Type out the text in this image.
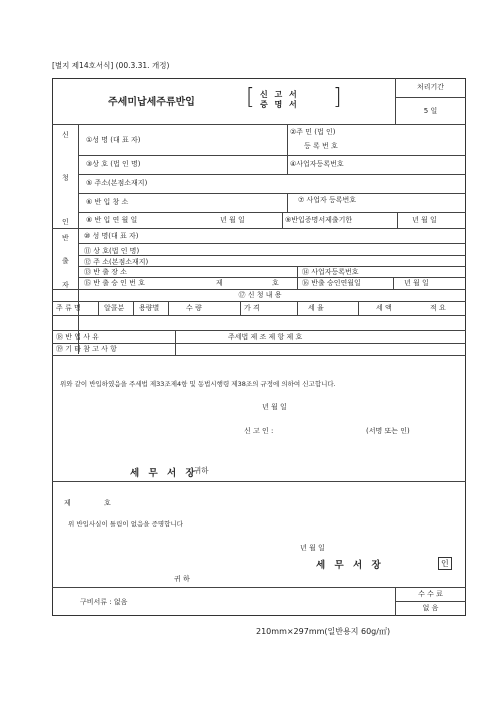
[별지 제14호서식] (00.3.31. 개정)
주세미납세주류반입 [ 신 고 서
증 명 서 ]	처리기간
5 일
신
청
인
①성 명 (대 표 자)
②주 민 (법 인)
등 록 번 호
③상 호 (법 인 명)	④사업자등록번호
⑤ 주소(본점소재지)
⑥ 반 입 창 소	⑦ 사업자 등록번호
⑧ 반 입 연 월 일	년 월 일	⑨반입증명서제출기한	년 월 일
반
출
자
⑩ 성 명(대 표 자)
⑪ 상 호(법 인 명)
⑫ 주 소(본점소재지)
⑬ 반 출 장 소	⑭ 사업자등록번호
⑮ 반 출 승 인 번 호	제	호	⑯ 반출 승인연월일	년 월 일
⑰ 신 청 내 용
주 류 명	알콜분 용량별	수 량	가 격	세 율	세 액	적 요
⑱ 반 입 사 유	주세법 제 조 제 항 제 호
⑲ 기 타 참 고 사 항
위와 같이 반입하였음을 주세법 제33조제4항 및 동법시행령 제38조의 규정에 의하여 신고합니다.
년 월 일
신 고 인 :	(서명 또는 인)
세 무 서 장
귀하
제	호
위 반입사실이 틀림이 없음을 증명합니다
년 월 일
세 무 서 장	인
귀 하
구비서류 : 없음
수 수 료
없 음
210mm×297mm(일반용지 60g/㎡)
